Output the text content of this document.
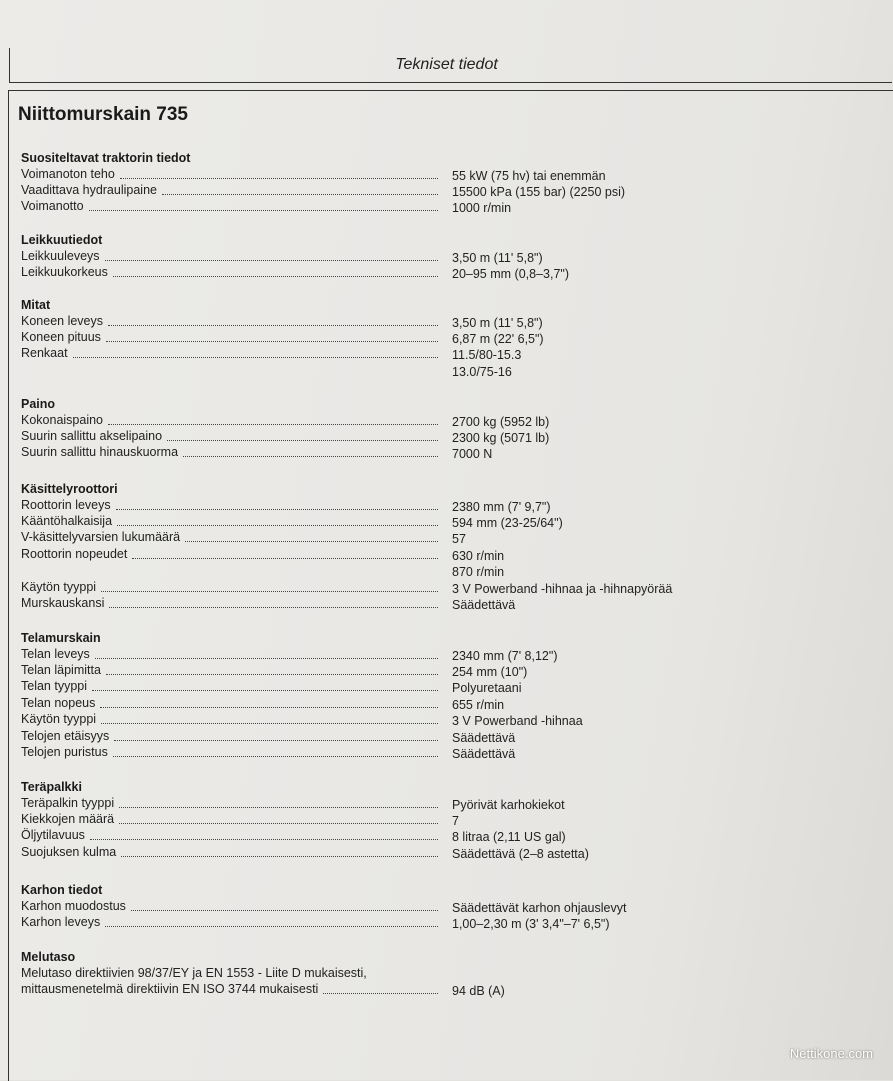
Tekniset tiedot
Niittomurskain 735
Suositeltavat traktorin tiedot
Voimanoton teho	55 kW (75 hv) tai enemmän
Vaadittava hydraulipaine	15500 kPa (155 bar) (2250 psi)
Voimanotto	1000 r/min
Leikkuutiedot
Leikkuuleveys	3,50 m (11' 5,8")
Leikkuukorkeus	20–95 mm (0,8–3,7")
Mitat
Koneen leveys	3,50 m (11' 5,8")
Koneen pituus	6,87 m (22' 6,5")
Renkaat	11.5/80-15.3
13.0/75-16
Paino
Kokonaispaino	2700 kg (5952 lb)
Suurin sallittu akselipaino	2300 kg (5071 lb)
Suurin sallittu hinauskuorma	7000 N
Käsittelyroottori
Roottorin leveys	2380 mm (7' 9,7")
Kääntöhalkaisija	594 mm (23-25/64")
V-käsittelyvarsien lukumäärä	57
Roottorin nopeudet	630 r/min
870 r/min
Käytön tyyppi	3 V Powerband -hihnaa ja -hihnapyörää
Murskauskansi	Säädettävä
Telamurskain
Telan leveys	2340 mm (7' 8,12")
Telan läpimitta	254 mm (10")
Telan tyyppi	Polyuretaani
Telan nopeus	655 r/min
Käytön tyyppi	3 V Powerband -hihnaa
Telojen etäisyys	Säädettävä
Telojen puristus	Säädettävä
Teräpalkki
Teräpalkin tyyppi	Pyörivät karhokiekot
Kiekkojen määrä	7
Öljytilavuus	8 litraa (2,11 US gal)
Suojuksen kulma	Säädettävä (2–8 astetta)
Karhon tiedot
Karhon muodostus	Säädettävät karhon ohjauslevyt
Karhon leveys	1,00–2,30 m (3' 3,4"–7' 6,5")
Melutaso
Melutaso direktiivien 98/37/EY ja EN 1553 - Liite D mukaisesti,
mittausmenetelmä direktiivin EN ISO 3744 mukaisesti	94 dB (A)
Nettikone.com
